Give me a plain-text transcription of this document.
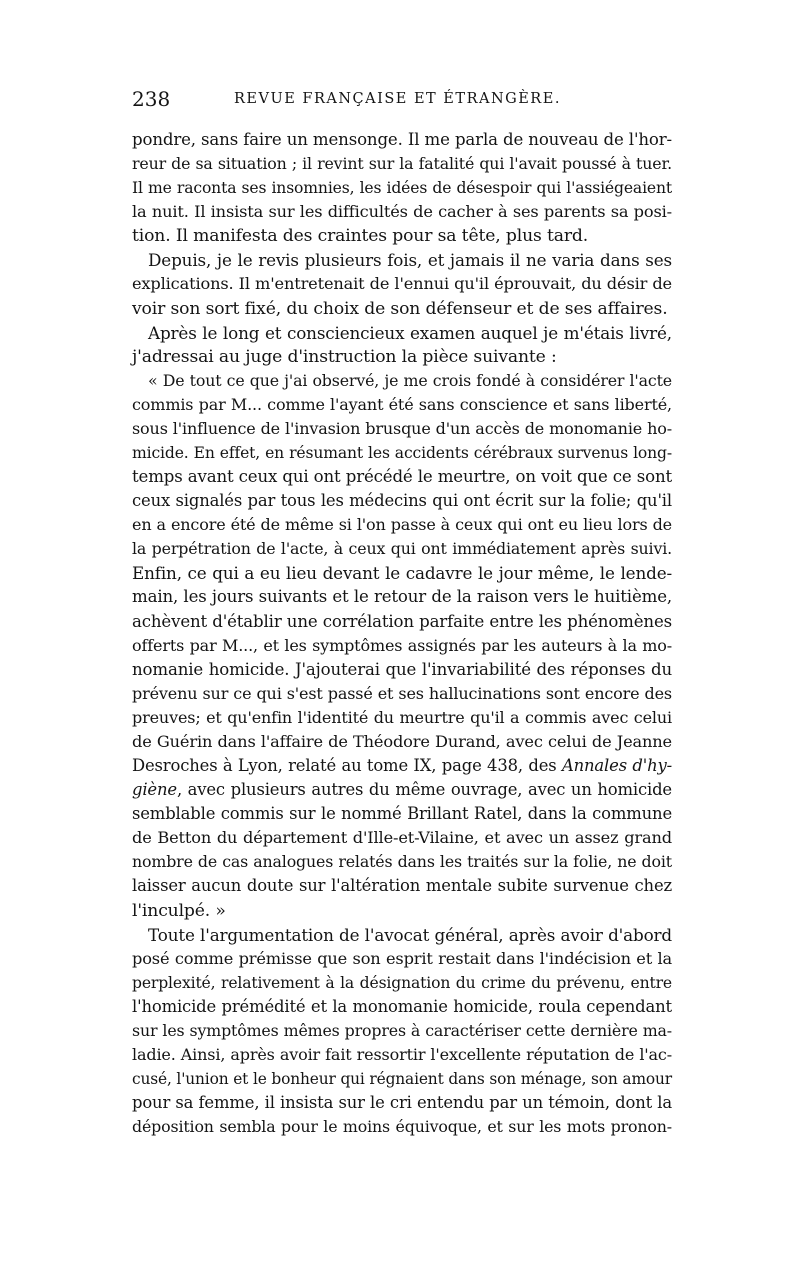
238	REVUE FRANÇAISE ET ÉTRANGÈRE.
pondre, sans faire un mensonge. Il me parla de nouveau de l'hor-
reur de sa situation ; il revint sur la fatalité qui l'avait poussé à tuer.
Il me raconta ses insomnies, les idées de désespoir qui l'assiégeaient
la nuit. Il insista sur les difficultés de cacher à ses parents sa posi-
tion. Il manifesta des craintes pour sa tête, plus tard.
Depuis, je le revis plusieurs fois, et jamais il ne varia dans ses
explications. Il m'entretenait de l'ennui qu'il éprouvait, du désir de
voir son sort fixé, du choix de son défenseur et de ses affaires.
Après le long et consciencieux examen auquel je m'étais livré,
j'adressai au juge d'instruction la pièce suivante :
« De tout ce que j'ai observé, je me crois fondé à considérer l'acte
commis par M... comme l'ayant été sans conscience et sans liberté,
sous l'influence de l'invasion brusque d'un accès de monomanie ho-
micide. En effet, en résumant les accidents cérébraux survenus long-
temps avant ceux qui ont précédé le meurtre, on voit que ce sont
ceux signalés par tous les médecins qui ont écrit sur la folie; qu'il
en a encore été de même si l'on passe à ceux qui ont eu lieu lors de
la perpétration de l'acte, à ceux qui ont immédiatement après suivi.
Enfin, ce qui a eu lieu devant le cadavre le jour même, le lende-
main, les jours suivants et le retour de la raison vers le huitième,
achèvent d'établir une corrélation parfaite entre les phénomènes
offerts par M..., et les symptômes assignés par les auteurs à la mo-
nomanie homicide. J'ajouterai que l'invariabilité des réponses du
prévenu sur ce qui s'est passé et ses hallucinations sont encore des
preuves; et qu'enfin l'identité du meurtre qu'il a commis avec celui
de Guérin dans l'affaire de Théodore Durand, avec celui de Jeanne
Desroches à Lyon, relaté au tome IX, page 438, des Annales d'hy-
giène, avec plusieurs autres du même ouvrage, avec un homicide
semblable commis sur le nommé Brillant Ratel, dans la commune
de Betton du département d'Ille-et-Vilaine, et avec un assez grand
nombre de cas analogues relatés dans les traités sur la folie, ne doit
laisser aucun doute sur l'altération mentale subite survenue chez
l'inculpé. »
Toute l'argumentation de l'avocat général, après avoir d'abord
posé comme prémisse que son esprit restait dans l'indécision et la
perplexité, relativement à la désignation du crime du prévenu, entre
l'homicide prémédité et la monomanie homicide, roula cependant
sur les symptômes mêmes propres à caractériser cette dernière ma-
ladie. Ainsi, après avoir fait ressortir l'excellente réputation de l'ac-
cusé, l'union et le bonheur qui régnaient dans son ménage, son amour
pour sa femme, il insista sur le cri entendu par un témoin, dont la
déposition sembla pour le moins équivoque, et sur les mots pronon-
